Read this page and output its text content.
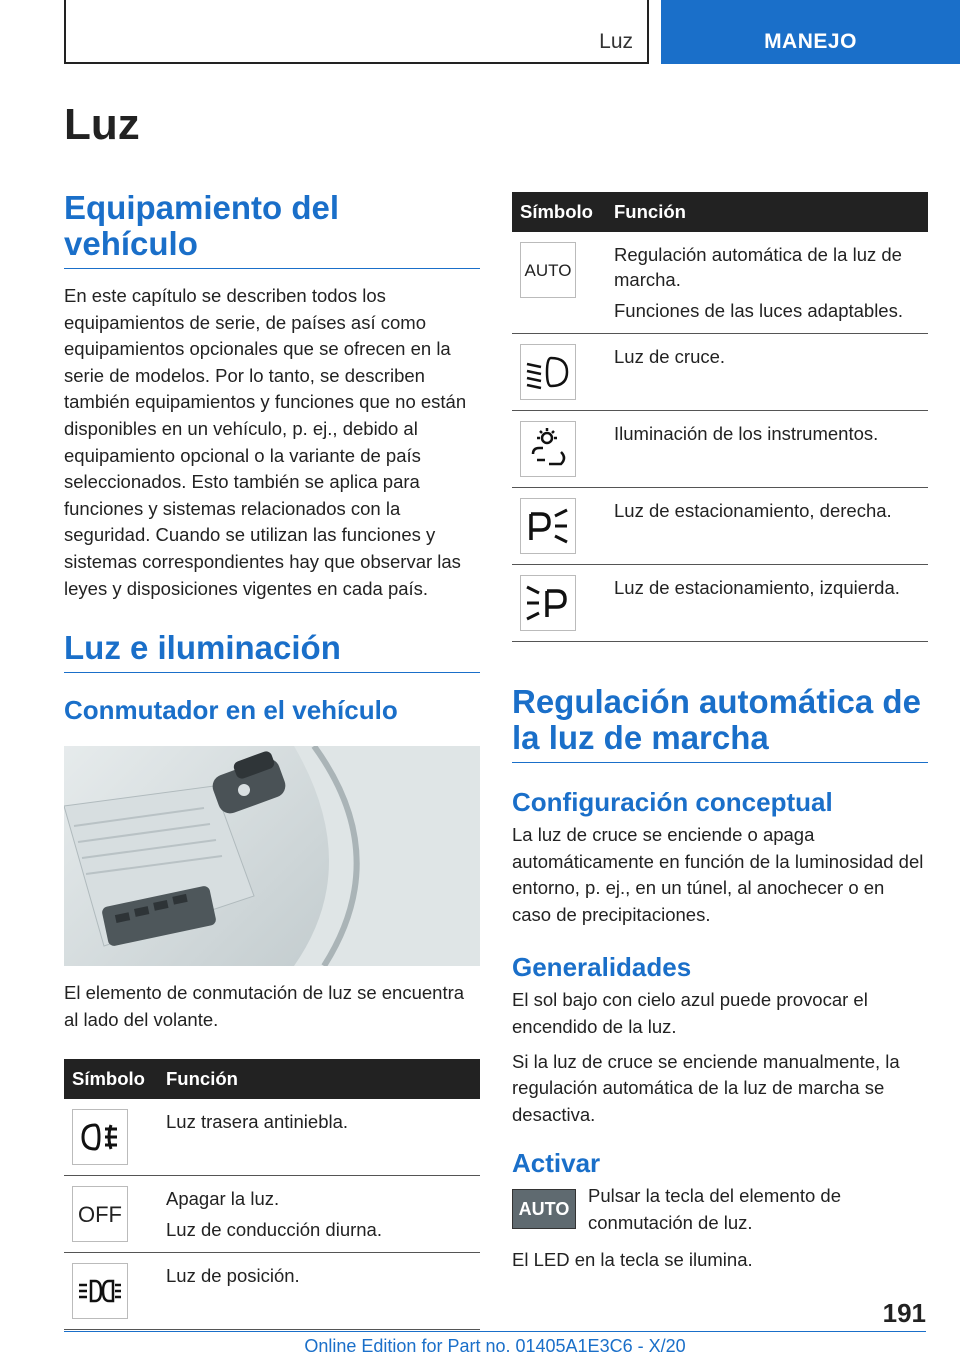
Luz	MANEJO
Luz
Equipamiento del vehículo

En este capítulo se describen todos los equipamientos de serie, de países así como equipamientos opcionales que se ofrecen en la serie de modelos. Por lo tanto, se describen también equipamientos y funciones que no están disponibles en un vehículo, p. ej., debido al equipamiento opcional o la variante de país seleccionados. Esto también se aplica para funciones y sistemas relacionados con la seguridad. Cuando se utilizan las funciones y sistemas correspondientes hay que observar las leyes y disposiciones vigentes en cada país.

Luz e iluminación
Conmutador en el vehículo

El elemento de conmutación de luz se encuentra al lado del volante.

Símbolo	Función

	Luz trasera antiniebla.

OFF	Apagar la luz.
Luz de conducción diurna.

	Luz de posición.
Símbolo	Función

AUTO	Regulación automática de la luz de marcha.
Funciones de las luces adaptables.

	Luz de cruce.

	Iluminación de los instrumentos.

	Luz de estacionamiento, derecha.

	Luz de estacionamiento, izquierda.
Regulación automática de la luz de marcha
Configuración conceptual

La luz de cruce se enciende o apaga automáticamente en función de la luminosidad del entorno, p. ej., en un túnel, al anochecer o en caso de precipitaciones.

Generalidades

El sol bajo con cielo azul puede provocar el encendido de la luz.

Si la luz de cruce se enciende manualmente, la regulación automática de la luz de marcha se desactiva.

Activar
AUTO

Pulsar la tecla del elemento de conmutación de luz.

El LED en la tecla se ilumina.

191
Online Edition for Part no. 01405A1E3C6 - X/20
